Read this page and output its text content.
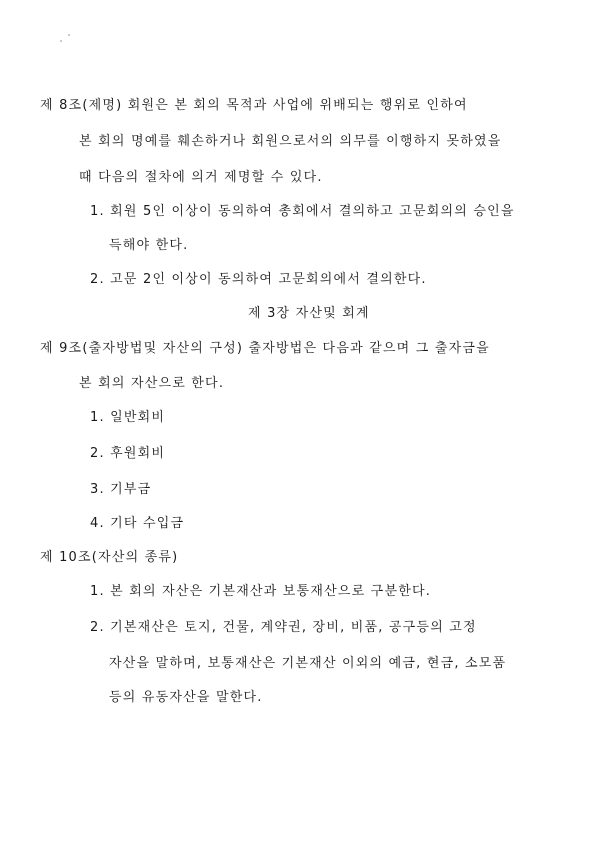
제 8조(제명) 회원은 본 회의 목적과 사업에 위배되는 행위로 인하여
본 회의 명예를 훼손하거나 회원으로서의 의무를 이행하지 못하였을
때 다음의 절차에 의거 제명할 수 있다.
1. 회원 5인 이상이 동의하여 총회에서 결의하고 고문회의의 승인을
득해야 한다.
2. 고문 2인 이상이 동의하여 고문회의에서 결의한다.
제 3장 자산및 회계
제 9조(출자방법및 자산의 구성) 출자방법은 다음과 같으며 그 출자금을
본 회의 자산으로 한다.
1. 일반회비
2. 후원회비
3. 기부금
4. 기타 수입금
제 10조(자산의 종류)
1. 본 회의 자산은 기본재산과 보통재산으로 구분한다.
2. 기본재산은 토지, 건물, 계약권, 장비, 비품, 공구등의 고정
자산을 말하며, 보통재산은 기본재산 이외의 예금, 현금, 소모품
등의 유동자산을 말한다.
